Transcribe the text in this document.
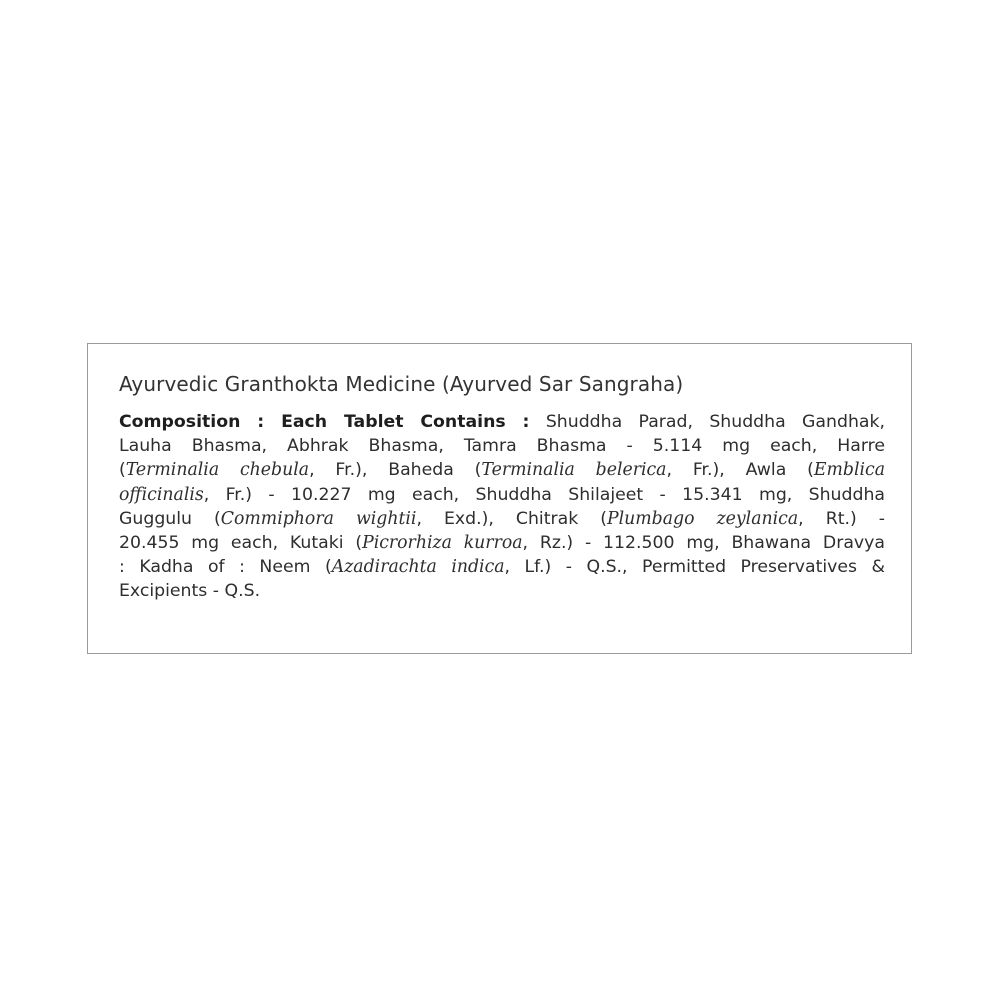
Ayurvedic Granthokta Medicine (Ayurved Sar Sangraha)

Composition : Each Tablet Contains : Shuddha Parad, Shuddha Gandhak,
Lauha Bhasma, Abhrak Bhasma, Tamra Bhasma - 5.114 mg each, Harre
(Terminalia chebula, Fr.), Baheda (Terminalia belerica, Fr.), Awla (Emblica
officinalis, Fr.) - 10.227 mg each, Shuddha Shilajeet - 15.341 mg, Shuddha
Guggulu (Commiphora wightii, Exd.), Chitrak (Plumbago zeylanica, Rt.) -
20.455 mg each, Kutaki (Picrorhiza kurroa, Rz.) - 112.500 mg, Bhawana Dravya
: Kadha of : Neem (Azadirachta indica, Lf.) - Q.S., Permitted Preservatives &
Excipients - Q.S.
